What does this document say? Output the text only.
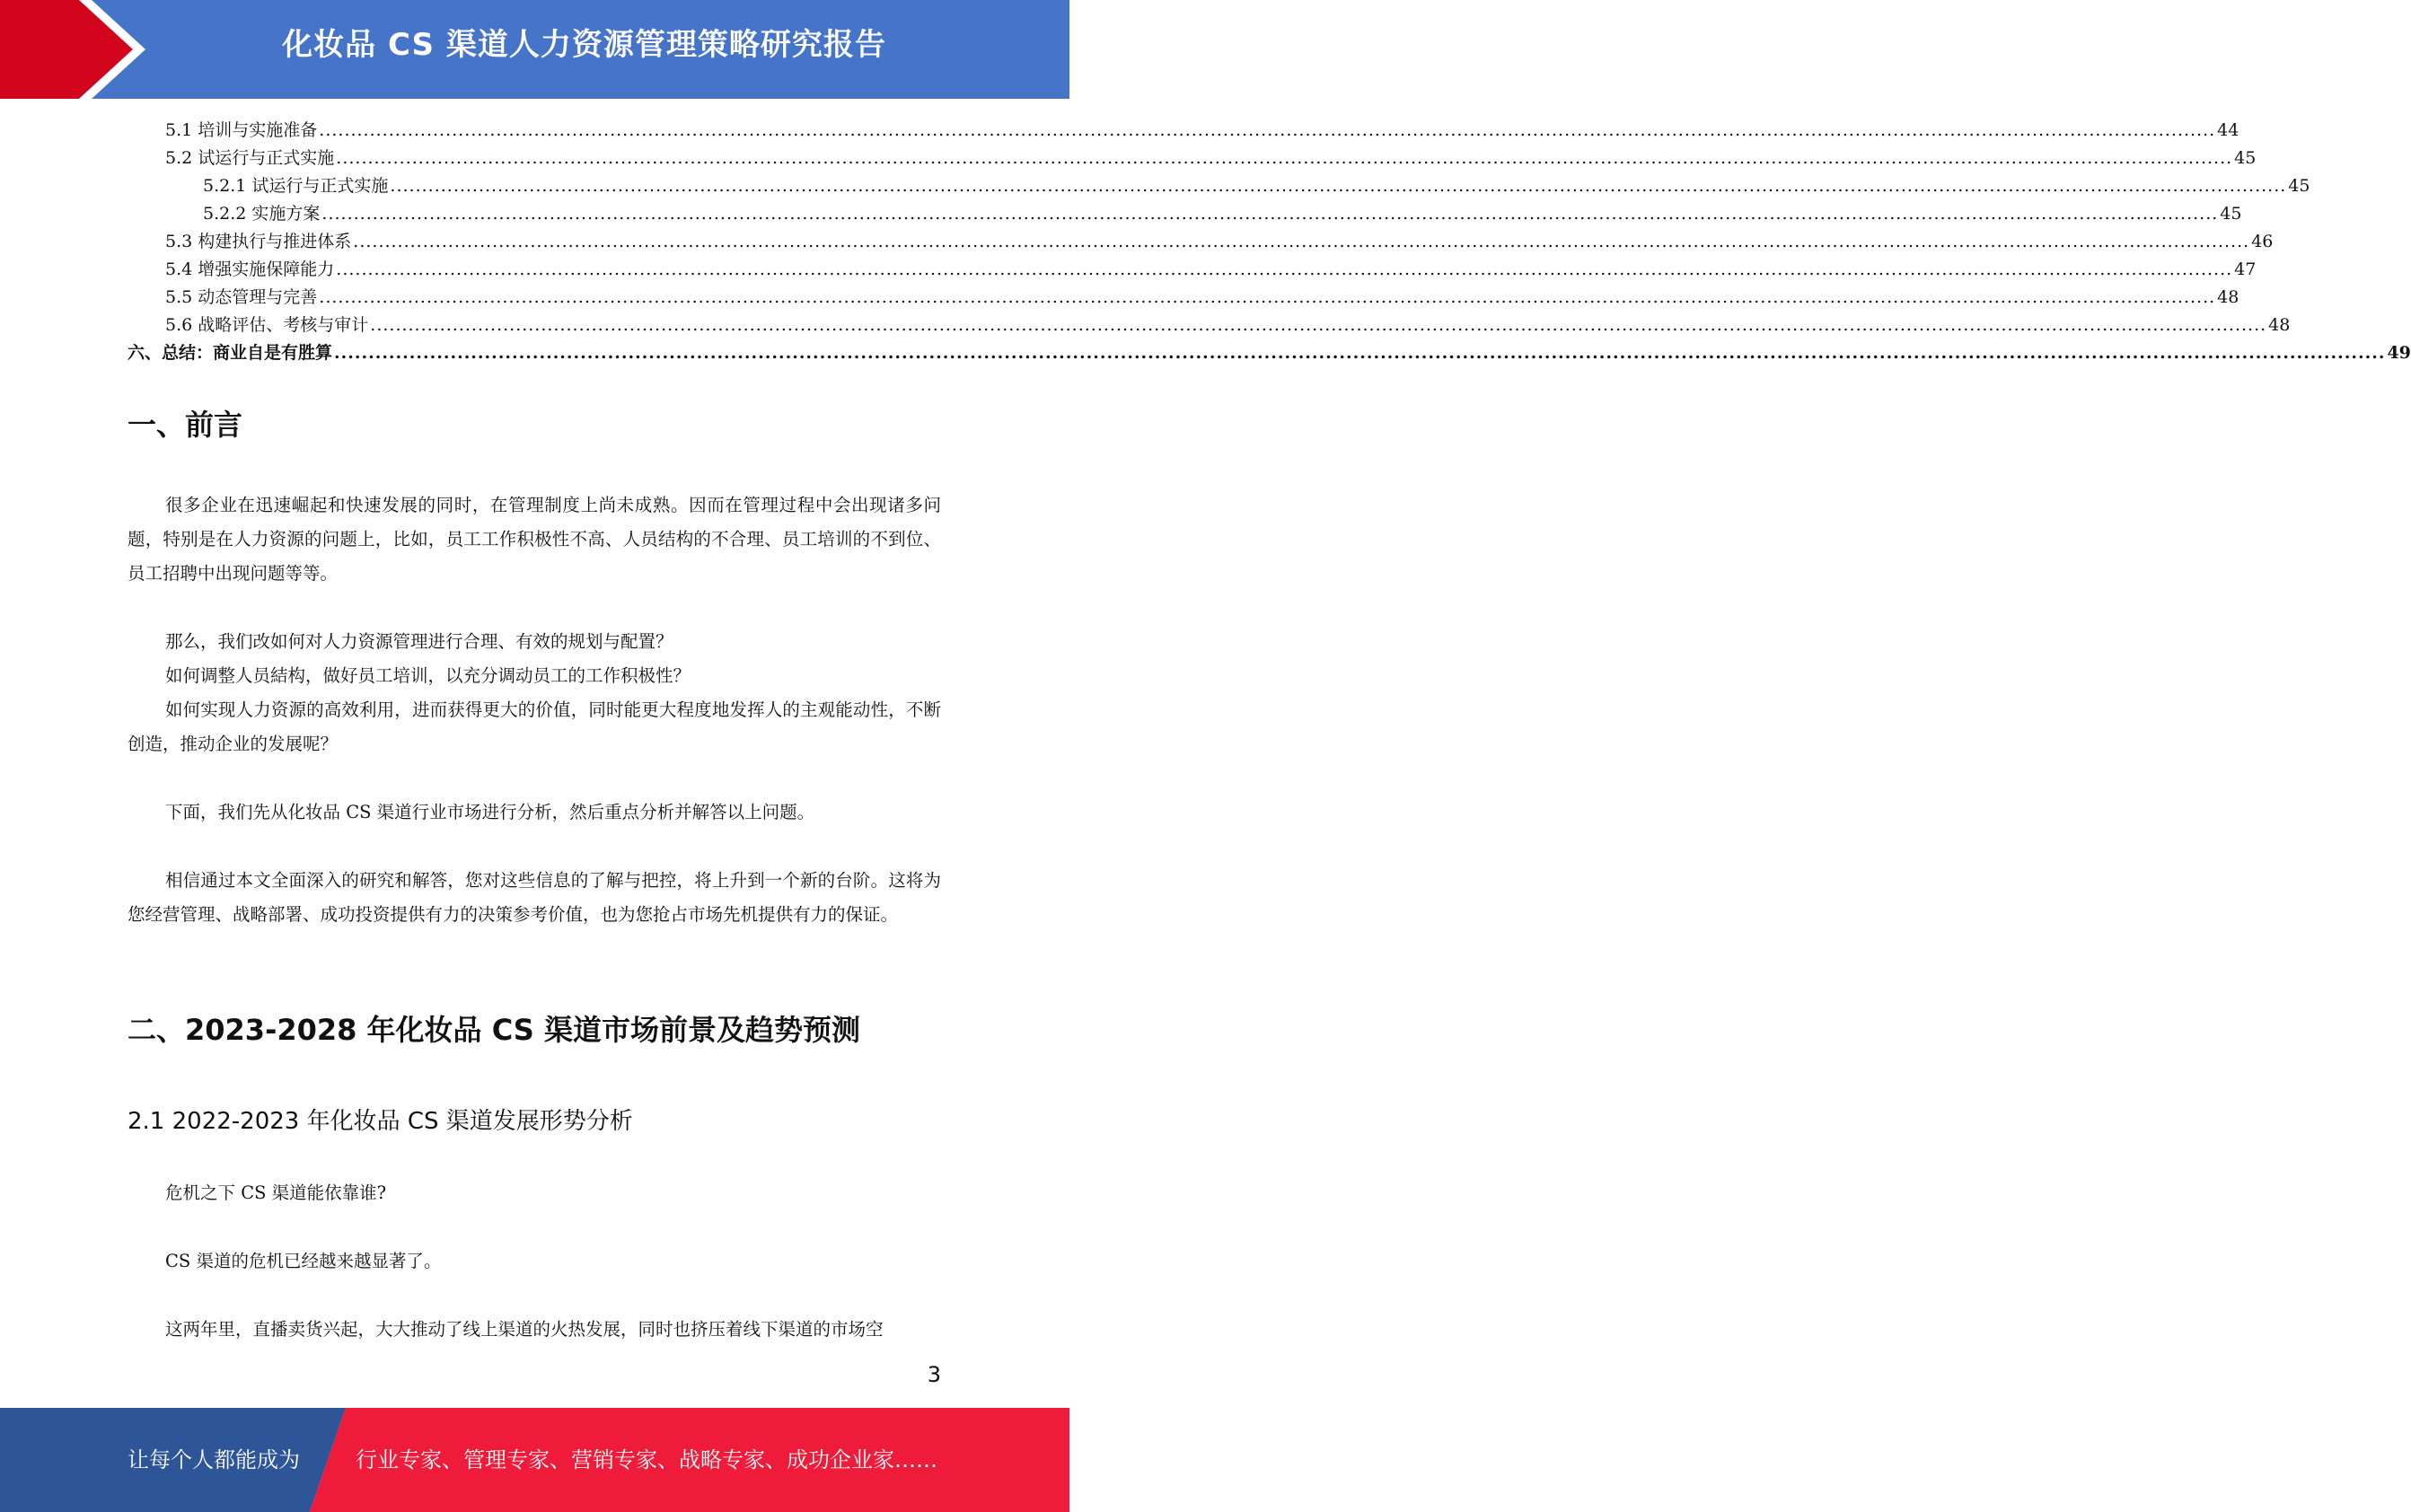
化妆品 CS 渠道人力资源管理策略研究报告
5.1
培训与实施准备 ............................................................................................................................................................................................................................................................................................................ 44
5.2
试运行与正式实施 ............................................................................................................................................................................................................................................................................................................ 45
5.2.1
试运行与正式实施 ............................................................................................................................................................................................................................................................................................................ 45
5.2.2
实施方案 ............................................................................................................................................................................................................................................................................................................ 45
5.3
构建执行与推进体系 ............................................................................................................................................................................................................................................................................................................ 46
5.4
增强实施保障能力 ............................................................................................................................................................................................................................................................................................................ 47
5.5
动态管理与完善 ............................................................................................................................................................................................................................................................................................................ 48
5.6
战略评估、考核与审计 ............................................................................................................................................................................................................................................................................................................ 48
六、总结：商业自是有胜算 ............................................................................................................................................................................................................................................................................................................ 49
一、前言

很多企业在迅速崛起和快速发展的同时，在管理制度上尚未成熟。因而在管理过程中会出现诸多问题，特别是在人力资源的问题上，比如，员工工作积极性不高、人员结构的不合理、员工培训的不到位、员工招聘中出现问题等等。

那么，我们改如何对人力资源管理进行合理、有效的规划与配置？

如何调整人员結构，做好员工培训，以充分调动员工的工作积极性？

如何实现人力资源的高效利用，进而获得更大的价值，同时能更大程度地发挥人的主观能动性，不断创造，推动企业的发展呢？

下面，我们先从化妆品 CS 渠道行业市场进行分析，然后重点分析并解答以上问题。

相信通过本文全面深入的研究和解答，您对这些信息的了解与把控，将上升到一个新的台阶。这将为您经营管理、战略部署、成功投资提供有力的决策参考价值，也为您抢占市场先机提供有力的保证。

二、2023-2028 年化妆品 CS 渠道市场前景及趋势预测
2.1 2022-2023 年化妆品 CS 渠道发展形势分析

危机之下 CS 渠道能依靠谁?

CS 渠道的危机已经越来越显著了。

这两年里，直播卖货兴起，大大推动了线上渠道的火热发展，同时也挤压着线下渠道的市场空

3
让每个人都能成为	行业专家、管理专家、营销专家、战略专家、成功企业家……
